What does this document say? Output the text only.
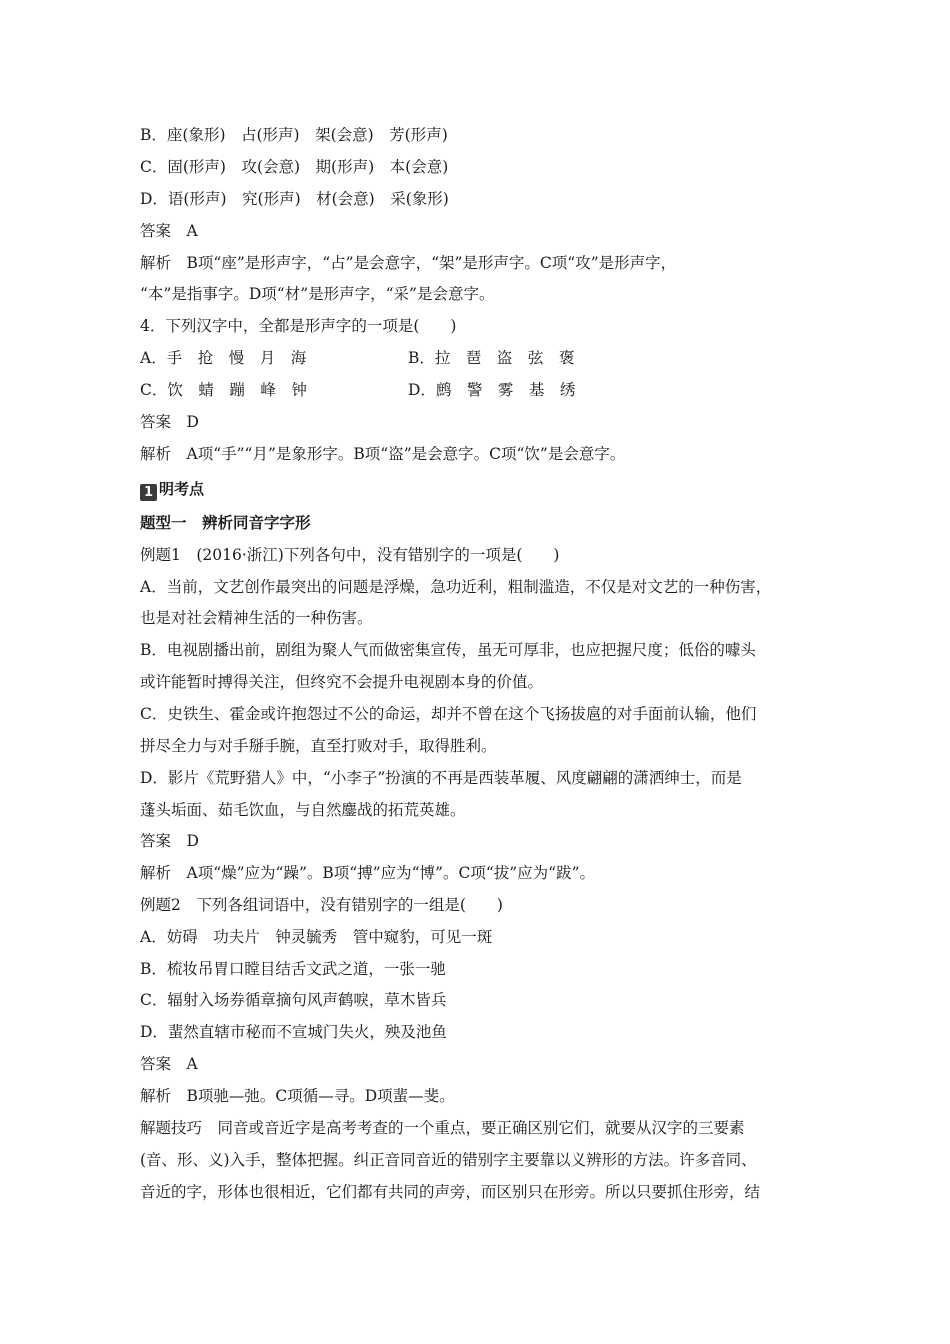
B．座(象形)　占(形声)　架(会意)　芳(形声)
C．固(形声)　攻(会意)　期(形声)　本(会意)
D．语(形声)　究(形声)　材(会意)　采(象形)
答案　A
解析　B项“座”是形声字，“占”是会意字，“架”是形声字。C项“攻”是形声字，
“本”是指事字。D项“材”是形声字，“采”是会意字。
4．下列汉字中，全都是形声字的一项是(　　)
A．手　抢　慢　月　海	B．拉　琶　盗　弦　褒
C．饮　蜻　蹦　峰　钟	D．鹧　警　雾　基　绣
答案　D
解析　A项“手”“月”是象形字。B项“盗”是会意字。C项“饮”是会意字。
1 明考点
题型一　辨析同音字字形
例题1　(2016·浙江)下列各句中，没有错别字的一项是(　　)
A．当前，文艺创作最突出的问题是浮燥，急功近利，粗制滥造，不仅是对文艺的一种伤害，
也是对社会精神生活的一种伤害。
B．电视剧播出前，剧组为聚人气而做密集宣传，虽无可厚非，也应把握尺度；低俗的噱头
或许能暂时搏得关注，但终究不会提升电视剧本身的价值。
C．史铁生、霍金或许抱怨过不公的命运，却并不曾在这个飞扬拔扈的对手面前认输，他们
拼尽全力与对手掰手腕，直至打败对手，取得胜利。
D．影片《荒野猎人》中，“小李子”扮演的不再是西装革履、风度翩翩的潇洒绅士，而是
蓬头垢面、茹毛饮血，与自然鏖战的拓荒英雄。
答案　D
解析　A项“燥”应为“躁”。B项“搏”应为“博”。C项“拔”应为“跋”。
例题2　下列各组词语中，没有错别字的一组是(　　)
A．妨碍　功夫片　钟灵毓秀　管中窥豹，可见一斑
B．梳妆吊胃口瞠目结舌文武之道，一张一驰
C．辐射入场券循章摘句风声鹤唳，草木皆兵
D．蜚然直辖市秘而不宣城门失火，殃及池鱼
答案　A
解析　B项驰—弛。C项循—寻。D项蜚—斐。
解题技巧　同音或音近字是高考考查的一个重点，要正确区别它们，就要从汉字的三要素
(音、形、义)入手，整体把握。纠正音同音近的错别字主要靠以义辨形的方法。许多音同、
音近的字，形体也很相近，它们都有共同的声旁，而区别只在形旁。所以只要抓住形旁，结
